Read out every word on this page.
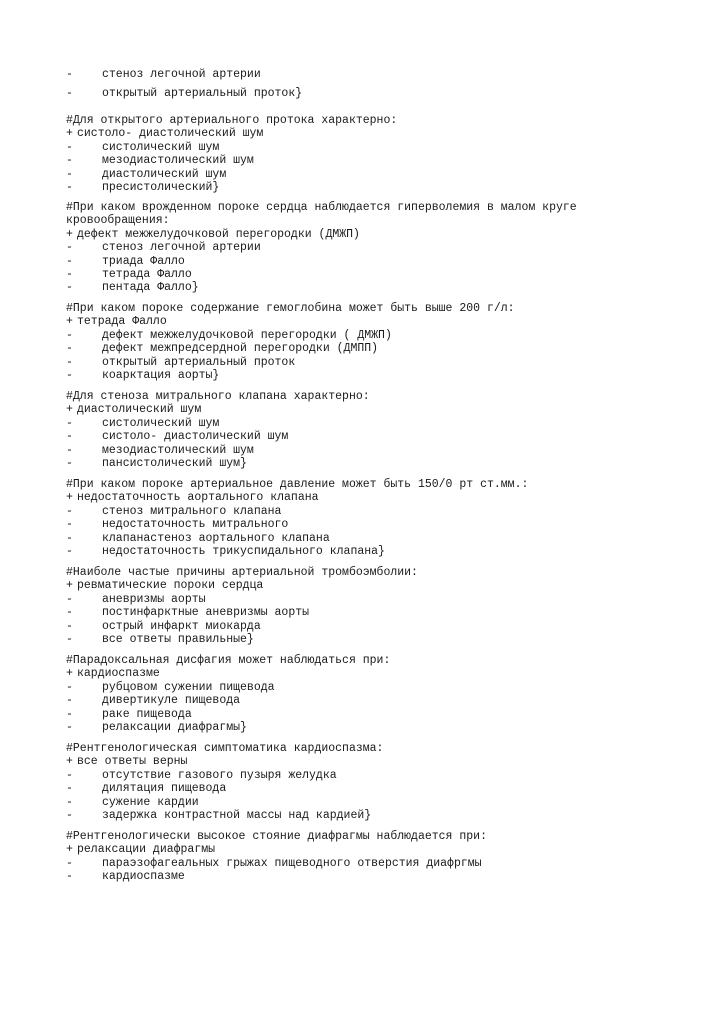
-	стеноз легочной артерии
-	открытый артериальный проток}
#Для открытого артериального протока характерно:
+ систоло- диастолический шум
-	систолический шум
-	мезодиастолический шум
-	диастолический шум
-	пресистолический}
#При каком врожденном пороке сердца наблюдается гиперволемия в малом круге кровообращения:
+ дефект межжелудочковой перегородки (ДМЖП)
-	стеноз легочной артерии
-	триада Фалло
-	тетрада Фалло
-	пентада Фалло}
#При каком пороке содержание гемоглобина может быть выше 200 г/л:
+ тетрада Фалло
-	дефект межжелудочковой перегородки ( ДМЖП)
-	дефект межпредсердной перегородки (ДМПП)
-	открытый артериальный проток
-	коарктация аорты}
#Для стеноза митрального клапана характерно:
+ диастолический шум
-	систолический шум
-	систоло- диастолический шум
-	мезодиастолический шум
-	пансистолический шум}
#При каком пороке артериальное давление может быть 150/0 рт ст.мм.:
+ недостаточность аортального клапана
-	стеноз митрального клапана
-	недостаточность митрального
-	клапанастеноз аортального клапана
-	недостаточность трикуспидального клапана}
#Наиболе частые причины артериальной тромбоэмболии:
+ ревматические пороки сердца
-	аневризмы аорты
-	постинфарктные аневризмы аорты
-	острый инфаркт миокарда
-	все ответы правильные}
#Парадоксальная дисфагия может наблюдаться при:
+ кардиоспазме
-	рубцовом сужении пищевода
-	дивертикуле пищевода
-	раке пищевода
-	релаксации диафрагмы}
#Рентгенологическая симптоматика кардиоспазма:
+ все ответы верны
-	отсутствие газового пузыря желудка
-	дилятация пищевода
-	сужение кардии
-	задержка контрастной массы над кардией}
#Рентгенологически высокое стояние диафрагмы наблюдается при:
+ релаксации диафрагмы
-	параэзофагеальных грыжах пищеводного отверстия диафргмы
-	кардиоспазме
